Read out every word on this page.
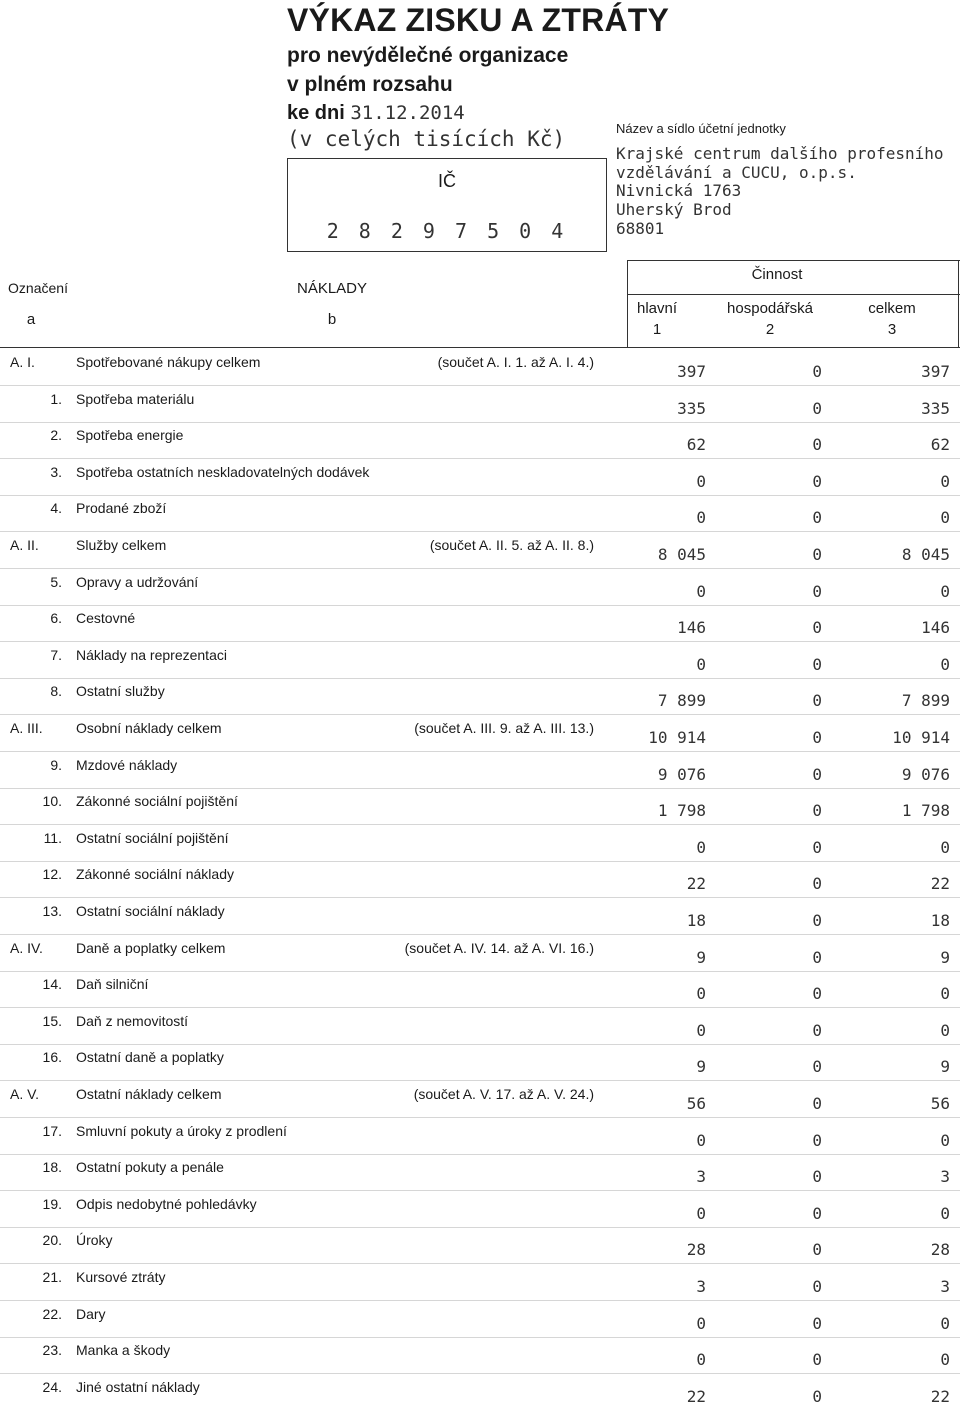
VÝKAZ ZISKU A ZTRÁTY
pro nevýdělečné organizace
v plném rozsahu
ke dni 31.12.2014
(v celých tisících Kč)
IČ
2 8 2 9 7 5 0 4
Název a sídlo účetní jednotky
Krajské centrum dalšího profesního
vzdělávání a CUCU, o.p.s.
Nivnická 1763
Uherský Brod
68801
Označení
a
NÁKLADY
b
Činnost
hlavní
1
hospodářská
2
celkem
3
A. I.	Spotřebované nákupy celkem	(součet A. I. 1. až A. I. 4.)	397	0	397
1. Spotřeba materiálu	335	0	335
2. Spotřeba energie	62	0	62
3. Spotřeba ostatních neskladovatelných dodávek	0	0	0
4. Prodané zboží	0	0	0
A. II.	Služby celkem	(součet A. II. 5. až A. II. 8.)	8 045	0	8 045
5. Opravy a udržování	0	0	0
6. Cestovné	146	0	146
7. Náklady na reprezentaci	0	0	0
8. Ostatní služby	7 899	0	7 899
A. III. Osobní náklady celkem	(součet A. III. 9. až A. III. 13.)	10 914	0	10 914
9. Mzdové náklady	9 076	0	9 076
10. Zákonné sociální pojištění	1 798	0	1 798
11. Ostatní sociální pojištění	0	0	0
12. Zákonné sociální náklady	22	0	22
13. Ostatní sociální náklady	18	0	18
A. IV. Daně a poplatky celkem	(součet A. IV. 14. až A. VI. 16.)	9	0	9
14. Daň silniční	0	0	0
15. Daň z nemovitostí	0	0	0
16. Ostatní daně a poplatky	9	0	9
A. V.	Ostatní náklady celkem	(součet A. V. 17. až A. V. 24.)	56	0	56
17. Smluvní pokuty a úroky z prodlení	0	0	0
18. Ostatní pokuty a penále	3	0	3
19. Odpis nedobytné pohledávky	0	0	0
20. Úroky	28	0	28
21. Kursové ztráty	3	0	3
22. Dary	0	0	0
23. Manka a škody	0	0	0
24. Jiné ostatní náklady	22	0	22
